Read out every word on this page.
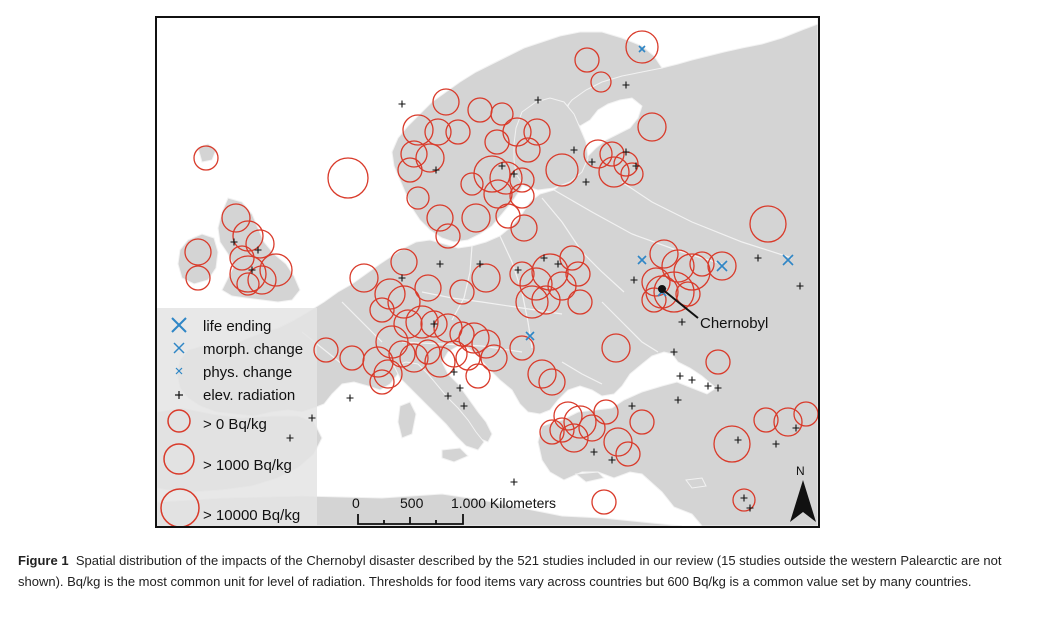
Chernobyl
life ending
morph. change
phys. change
elev. radiation
> 0 Bq/kg
> 1000 Bq/kg
> 10000 Bq/kg
0	500 1.000 Kilometers
N
Figure 1 Spatial distribution of the impacts of the Chernobyl disaster described by the 521 studies included in our review (15 studies outside the western Palearctic are not shown). Bq/kg is the most common unit for level of radiation. Thresholds for food items vary across countries but 600 Bq/kg is a common value set by many countries.
